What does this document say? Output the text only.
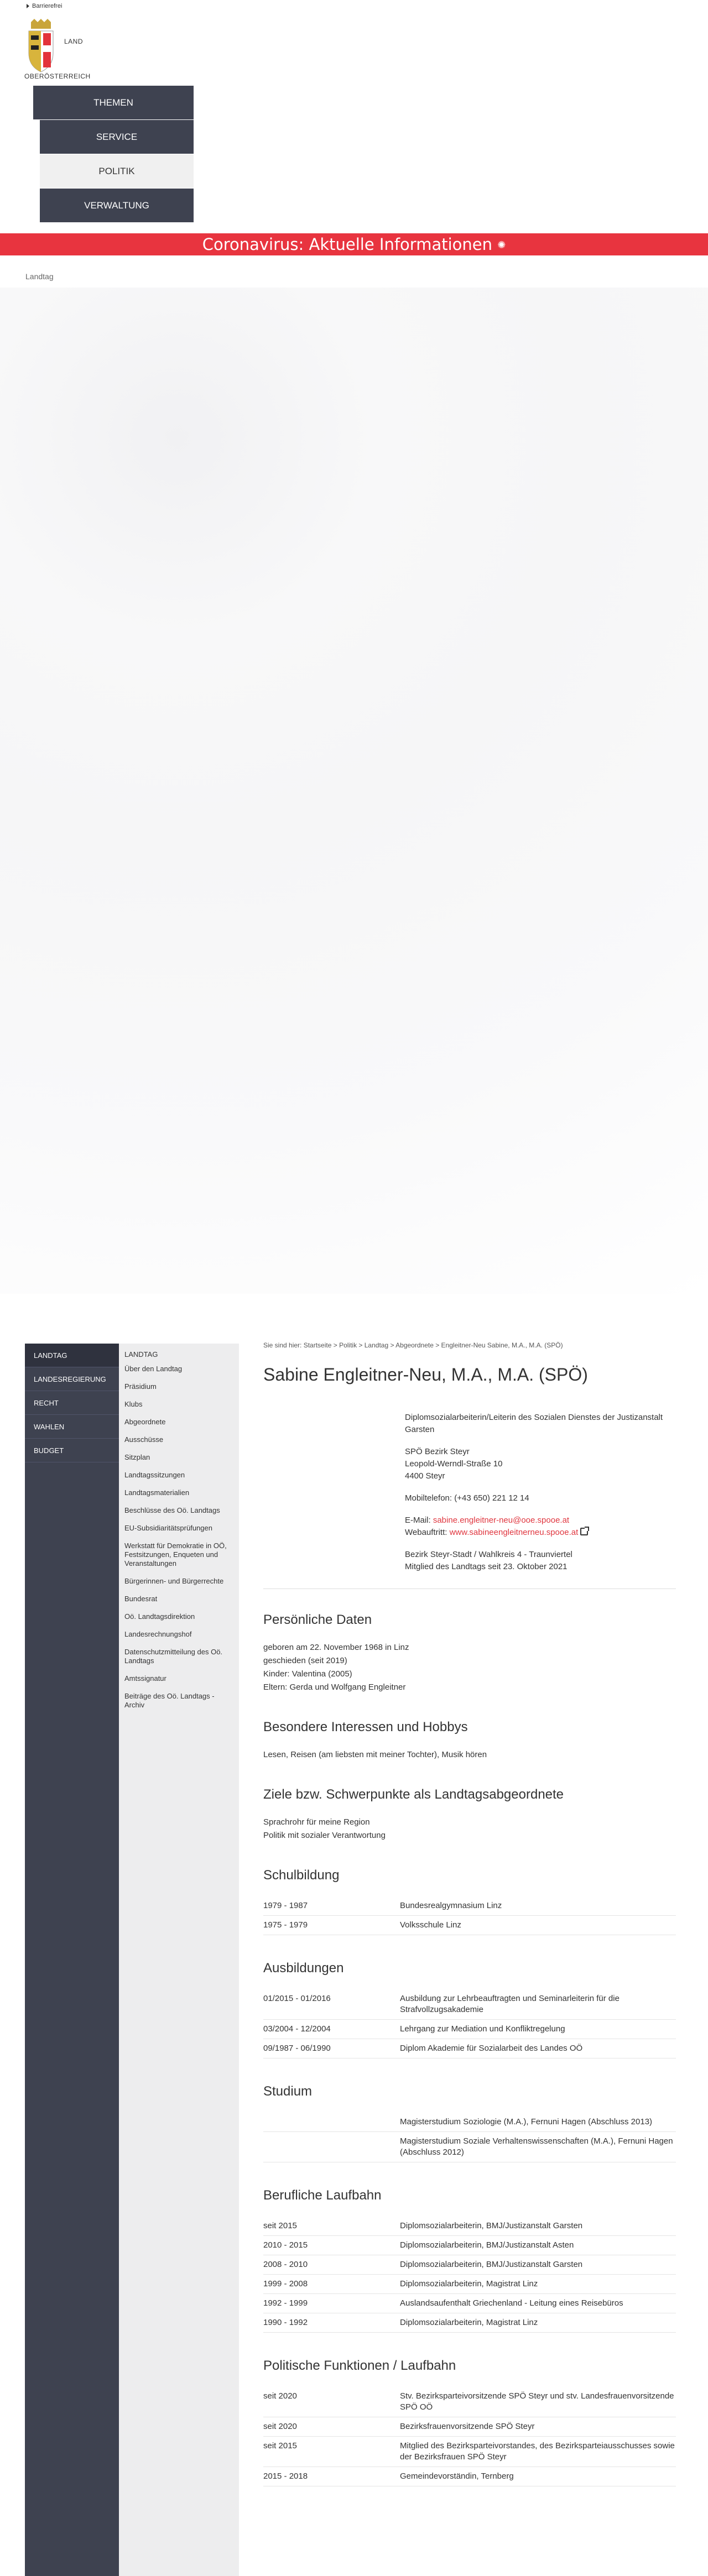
Barrierefrei
LAND
OBERÖSTERREICH
THEMEN
SERVICE
POLITIK
VERWALTUNG
Coronavirus: Aktuelle Informationen ✺
Landtag
LANDTAG
LANDESREGIERUNG
RECHT
WAHLEN
BUDGET
LANDTAG
Über den Landtag
Präsidium
Klubs
Abgeordnete
Ausschüsse
Sitzplan
Landtagssitzungen
Landtagsmaterialien
Beschlüsse des Oö. Landtags
EU-Subsidiaritätsprüfungen
Werkstatt für Demokratie in OÖ, Festsitzungen, Enqueten und Veranstaltungen
Bürgerinnen- und Bürgerrechte
Bundesrat
Oö. Landtagsdirektion
Landesrechnungshof
Datenschutzmitteilung des Oö. Landtags
Amtssignatur
Beiträge des Oö. Landtags - Archiv
Sie sind hier: Startseite > Politik > Landtag > Abgeordnete > Engleitner-Neu Sabine, M.A., M.A. (SPÖ)
Sabine Engleitner-Neu, M.A., M.A. (SPÖ)

Diplomsozialarbeiterin/Leiterin des Sozialen Dienstes der Justizanstalt Garsten

SPÖ Bezirk Steyr
Leopold-Werndl-Straße 10
4400 Steyr

Mobiltelefon: (+43 650) 221 12 14

E-Mail: sabine.engleitner-neu@ooe.spooe.at
Webauftritt: www.sabineengleitnerneu.spooe.at

Bezirk Steyr-Stadt / Wahlkreis 4 - Traunviertel
Mitglied des Landtags seit 23. Oktober 2021

Persönliche Daten

geboren am 22. November 1968 in Linz

geschieden (seit 2019)

Kinder: Valentina (2005)

Eltern: Gerda und Wolfgang Engleitner

Besondere Interessen und Hobbys

Lesen, Reisen (am liebsten mit meiner Tochter), Musik hören

Ziele bzw. Schwerpunkte als Landtagsabgeordnete

Sprachrohr für meine Region

Politik mit sozialer Verantwortung

Schulbildung
1979 - 1987	Bundesrealgymnasium Linz
1975 - 1979	Volksschule Linz
Ausbildungen
01/2015 - 01/2016	Ausbildung zur Lehrbeauftragten und Seminarleiterin für die Strafvollzugsakademie
03/2004 - 12/2004	Lehrgang zur Mediation und Konfliktregelung
09/1987 - 06/1990	Diplom Akademie für Sozialarbeit des Landes OÖ
Studium
	Magisterstudium Soziologie (M.A.), Fernuni Hagen (Abschluss 2013)
	Magisterstudium Soziale Verhaltenswissenschaften (M.A.), Fernuni Hagen (Abschluss 2012)
Berufliche Laufbahn
seit 2015	Diplomsozialarbeiterin, BMJ/Justizanstalt Garsten
2010 - 2015	Diplomsozialarbeiterin, BMJ/Justizanstalt Asten
2008 - 2010	Diplomsozialarbeiterin, BMJ/Justizanstalt Garsten
1999 - 2008	Diplomsozialarbeiterin, Magistrat Linz
1992 - 1999	Auslandsaufenthalt Griechenland - Leitung eines Reisebüros
1990 - 1992	Diplomsozialarbeiterin, Magistrat Linz
Politische Funktionen / Laufbahn
seit 2020	Stv. Bezirksparteivorsitzende SPÖ Steyr und stv. Landesfrauenvorsitzende SPÖ OÖ
seit 2020	Bezirksfrauenvorsitzende SPÖ Steyr
seit 2015	Mitglied des Bezirksparteivorstandes, des Bezirksparteiausschusses sowie der Bezirksfrauen SPÖ Steyr
2015 - 2018	Gemeindevorständin, Ternberg
